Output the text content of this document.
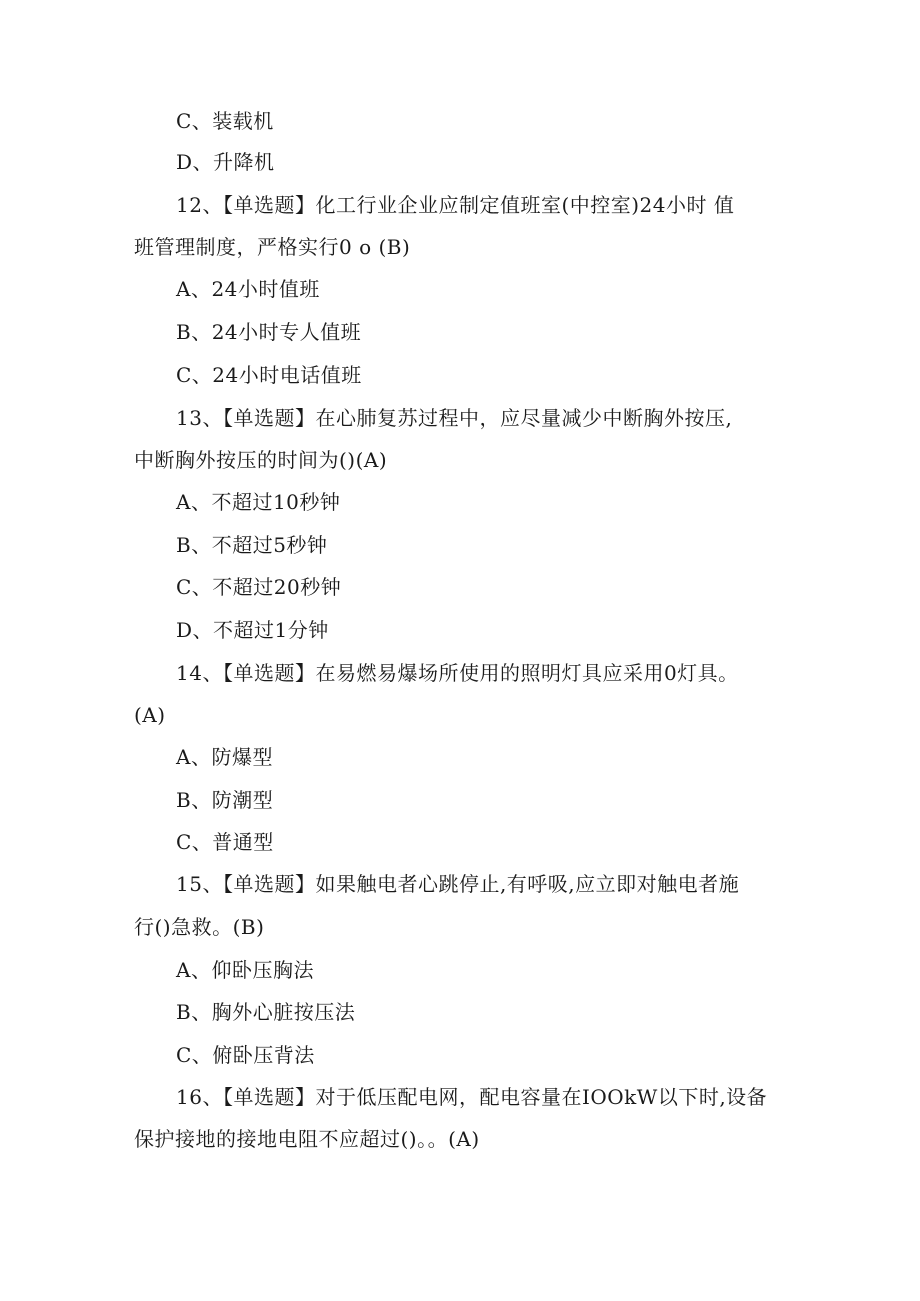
C、装载机
D、升降机
12、【单选题】化工行业企业应制定值班室(中控室)24小时 值
班管理制度，严格实行0 o (B)
A、24小时值班
B、24小时专人值班
C、24小时电话值班
13、【单选题】在心肺复苏过程中，应尽量减少中断胸外按压,
中断胸外按压的时间为()(A)
A、不超过10秒钟
B、不超过5秒钟
C、不超过20秒钟
D、不超过1分钟
14、【单选题】在易燃易爆场所使用的照明灯具应采用0灯具。
(A)
A、防爆型
B、防潮型
C、普通型
15、【单选题】如果触电者心跳停止,有呼吸,应立即对触电者施
行()急救。(B)
A、仰卧压胸法
B、胸外心脏按压法
C、俯卧压背法
16、【单选题】对于低压配电网，配电容量在IOOkW以下时,设备
保护接地的接地电阻不应超过()。。(A)
